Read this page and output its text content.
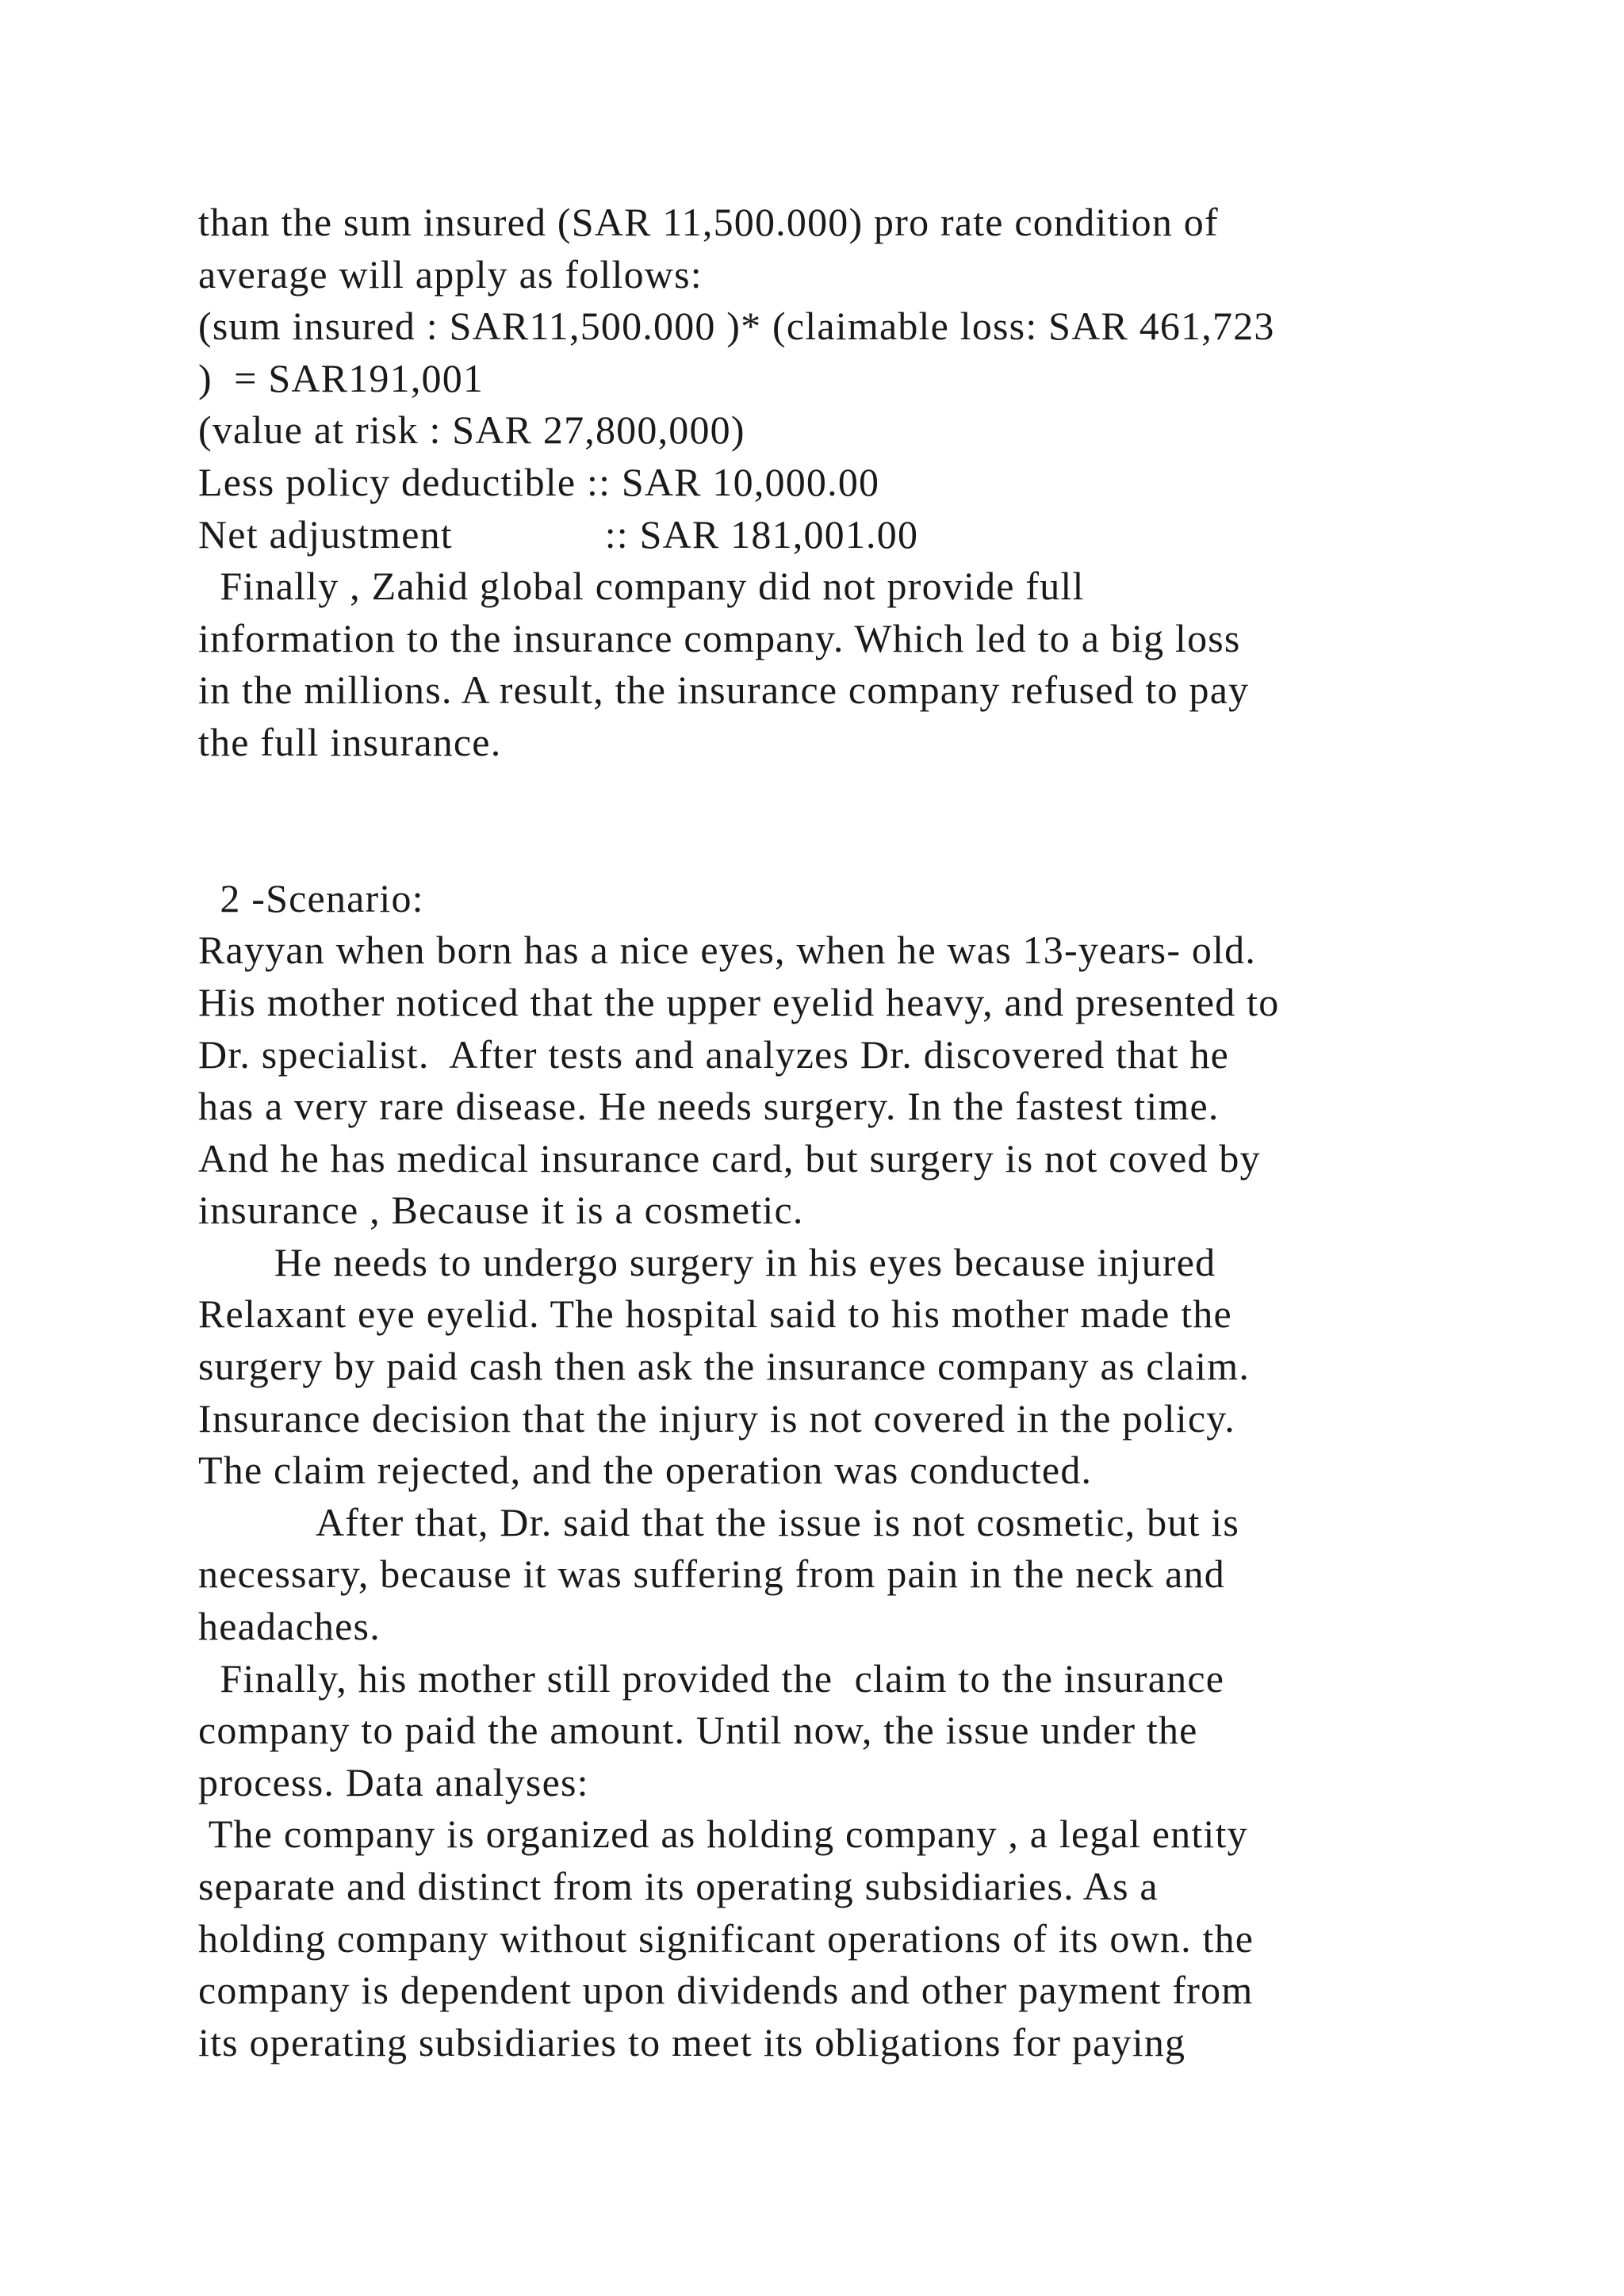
than the sum insured (SAR 11,500.000) pro rate condition of
average will apply as follows:
(sum insured : SAR11,500.000 )* (claimable loss: SAR 461,723
)  = SAR191,001
(value at risk : SAR 27,800,000)
Less policy deductible :: SAR 10,000.00
Net adjustment              :: SAR 181,001.00
Finally , Zahid global company did not provide full
information to the insurance company. Which led to a big loss
in the millions. A result, the insurance company refused to pay
the full insurance.
2 -Scenario:
Rayyan when born has a nice eyes, when he was 13-years- old.
His mother noticed that the upper eyelid heavy, and presented to
Dr. specialist.  After tests and analyzes Dr. discovered that he
has a very rare disease. He needs surgery. In the fastest time.
And he has medical insurance card, but surgery is not coved by
insurance , Because it is a cosmetic.
He needs to undergo surgery in his eyes because injured
Relaxant eye eyelid. The hospital said to his mother made the
surgery by paid cash then ask the insurance company as claim.
Insurance decision that the injury is not covered in the policy.
The claim rejected, and the operation was conducted.
After that, Dr. said that the issue is not cosmetic, but is
necessary, because it was suffering from pain in the neck and
headaches.
Finally, his mother still provided the  claim to the insurance
company to paid the amount. Until now, the issue under the
process. Data analyses:
The company is organized as holding company , a legal entity
separate and distinct from its operating subsidiaries. As a
holding company without significant operations of its own. the
company is dependent upon dividends and other payment from
its operating subsidiaries to meet its obligations for paying
